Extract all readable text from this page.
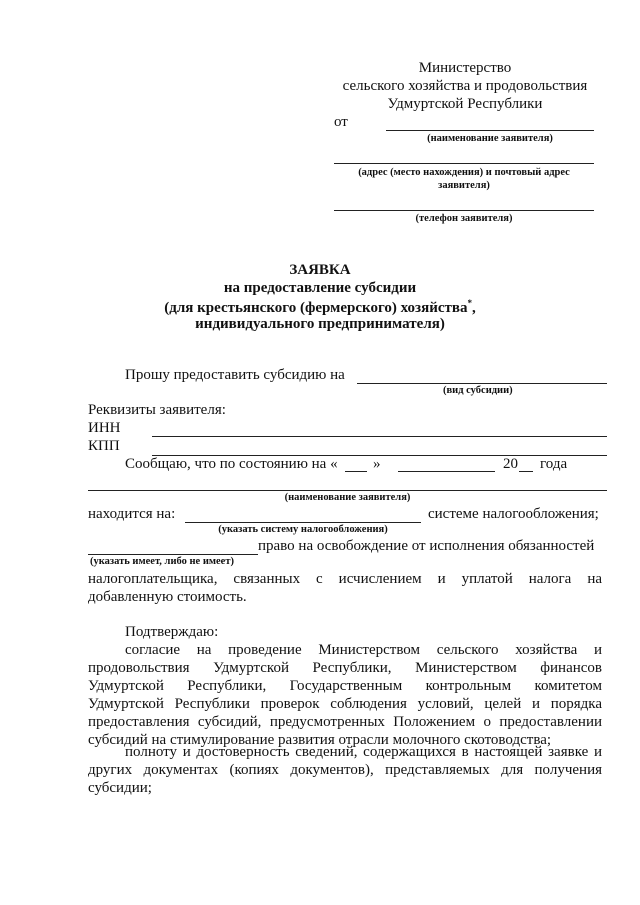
Министерство
сельского хозяйства и продовольствия
Удмуртской Республики
от
(наименование заявителя)
(адрес (место нахождения) и почтовый адрес
заявителя)
(телефон заявителя)
ЗАЯВКА
на предоставление субсидии
(для крестьянского (фермерского) хозяйства*,
индивидуального предпринимателя)
Прошу предоставить субсидию на
(вид субсидии)
Реквизиты заявителя:
ИНН
КПП
Сообщаю, что по состоянию на « »	20 года
(наименование заявителя)
находится на:	системе налогообложения;
(указать систему налогообложения)
право на освобождение от исполнения обязанностей
(указать имеет, либо не имеет)
налогоплательщика, связанных с исчислением и уплатой налога на
добавленную стоимость.
Подтверждаю:
согласие на проведение Министерством сельского хозяйства и
продовольствия Удмуртской Республики, Министерством финансов
Удмуртской Республики, Государственным контрольным комитетом
Удмуртской Республики проверок соблюдения условий, целей и порядка
предоставления субсидий, предусмотренных Положением о предоставлении
субсидий на стимулирование развития отрасли молочного скотоводства;
полноту и достоверность сведений, содержащихся в настоящей заявке и
других документах (копиях документов), представляемых для получения
субсидии;
